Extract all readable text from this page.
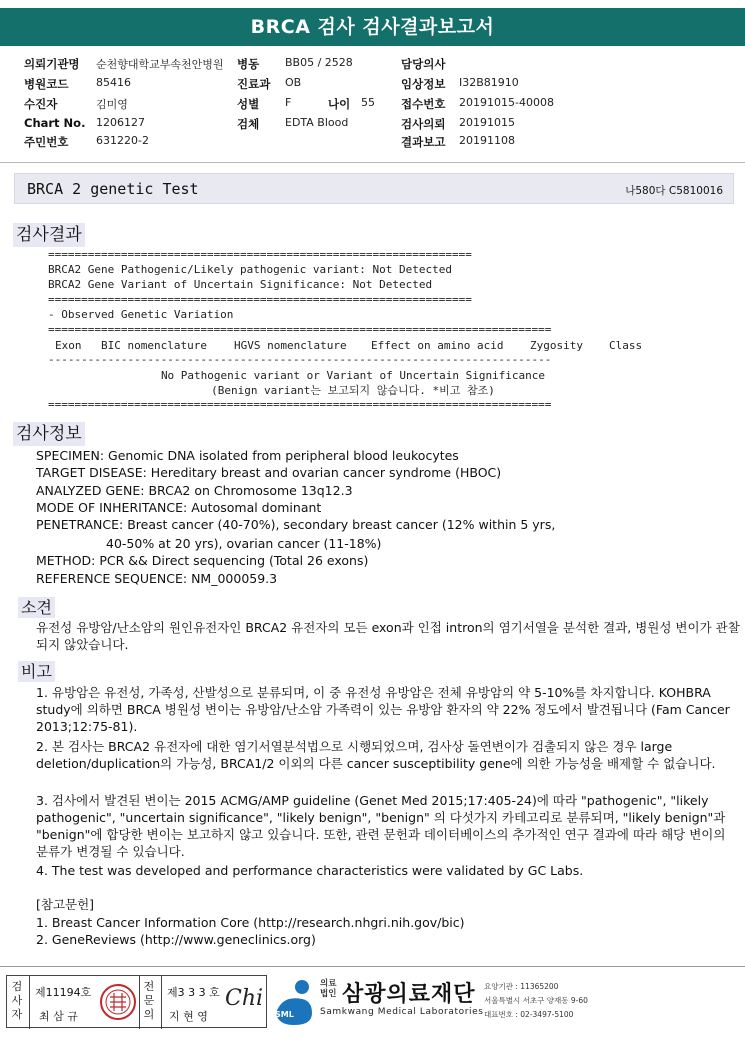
BRCA 검사 검사결과보고서
의뢰기관명 순천향대학교부속천안병원 병동 BB05 / 2528	담당의사
병원코드	85416	진료과 OB	임상정보 I32B81910
수진자	김미영	성별 F	나이 55 접수번호 20191015-40008
Chart No. 1206127	검체 EDTA Blood	검사의뢰 20191015
주민번호	631220-2	결과보고 20191108
BRCA 2 genetic Test	나580다 C5810016
검사결과
================================================================
BRCA2 Gene Pathogenic/Likely pathogenic variant: Not Detected
BRCA2 Gene Variant of Uncertain Significance: Not Detected
================================================================
- Observed Genetic Variation
============================================================================
Exon BIC nomenclature HGVS nomenclature Effect on amino acid Zygosity Class
----------------------------------------------------------------------------
No Pathogenic variant or Variant of Uncertain Significance
(Benign variant는 보고되지 않습니다. *비고 참조)
============================================================================
검사정보
SPECIMEN: Genomic DNA isolated from peripheral blood leukocytes
TARGET DISEASE: Hereditary breast and ovarian cancer syndrome (HBOC)
ANALYZED GENE: BRCA2 on Chromosome 13q12.3
MODE OF INHERITANCE: Autosomal dominant
PENETRANCE: Breast cancer (40-70%), secondary breast cancer (12% within 5 yrs,
40-50% at 20 yrs), ovarian cancer (11-18%)
METHOD: PCR && Direct sequencing (Total 26 exons)
REFERENCE SEQUENCE: NM_000059.3
소견
유전성 유방암/난소암의 원인유전자인 BRCA2 유전자의 모든 exon과 인접 intron의 염기서열을 분석한 결과, 병원성 변이가 관찰되지 않았습니다.
비고
1. 유방암은 유전성, 가족성, 산발성으로 분류되며, 이 중 유전성 유방암은 전체 유방암의 약 5-10%를 차지합니다. KOHBRA study에 의하면 BRCA 병원성 변이는 유방암/난소암 가족력이 있는 유방암 환자의 약 22% 정도에서 발견됩니다 (Fam Cancer 2013;12:75-81).
2. 본 검사는 BRCA2 유전자에 대한 염기서열분석법으로 시행되었으며, 검사상 돌연변이가 검출되지 않은 경우 large deletion/duplication의 가능성, BRCA1/2 이외의 다른 cancer susceptibility gene에 의한 가능성을 배제할 수 없습니다.
3. 검사에서 발견된 변이는 2015 ACMG/AMP guideline (Genet Med 2015;17:405-24)에 따라 "pathogenic", "likely pathogenic", "uncertain significance", "likely benign", "benign" 의 다섯가지 카테고리로 분류되며, "likely benign"과 "benign"에 합당한 변이는 보고하지 않고 있습니다. 또한, 관련 문헌과 데이터베이스의 추가적인 연구 결과에 따라 해당 변이의 분류가 변경될 수 있습니다.
4. The test was developed and performance characteristics were validated by GC Labs.
[참고문헌]
1. Breast Cancer Information Core (http://research.nhgri.nih.gov/bic)
2. GeneReviews (http://www.geneclinics.org)
검사자
제11194호
최 삼 규
전문의
제3 3 3 호
지 현 영
Chi
SML
의료법인 삼광의료재단
Samkwang Medical Laboratories
요양기관 : 11365200
서울특별시 서초구 양재동 9-60
대표번호 : 02-3497-5100
